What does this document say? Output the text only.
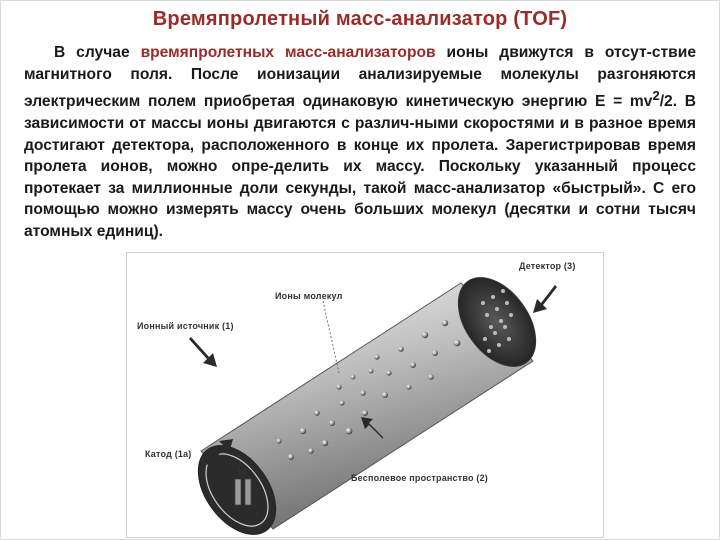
Времяпролетный масс-анализатор (TOF)
В случае времяпролетных масс-анализаторов ионы движутся в отсут-ствие магнитного поля. После ионизации анализируемые молекулы разгоняются электрическим полем приобретая одинаковую кинетическую энергию $E = mv^2/2$. В зависимости от массы ионы двигаются с различ-ными скоростями и в разное время достигают детектора, расположенного в конце их пролета. Зарегистрировав время пролета ионов, можно опре-делить их массу. Поскольку указанный процесс протекает за миллионные доли секунды, такой масс-анализатор «быстрый». С его помощью можно измерять массу очень больших молекул (десятки и сотни тысяч атомных единиц).
Детектор (3)
Ионы молекул
Ионный источник (1)
Катод (1а)
Бесполевое пространство (2)
1e⁻
